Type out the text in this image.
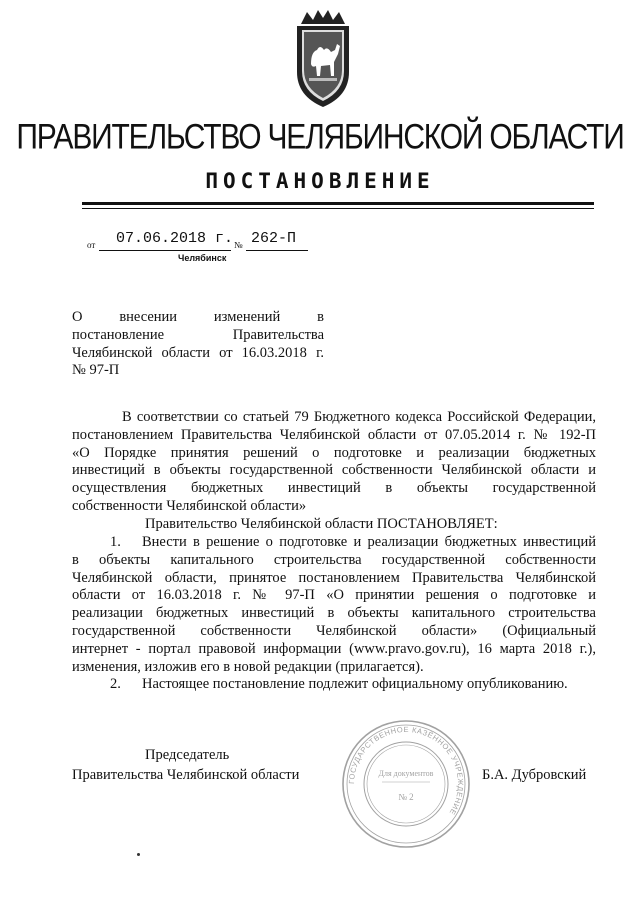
ПРАВИТЕЛЬСТВО ЧЕЛЯБИНСКОЙ ОБЛАСТИ
ПОСТАНОВЛЕНИЕ
от 07.06.2018 г. № 262-П
Челябинск
О внесении изменений в
постановление Правительства
Челябинской области от 16.03.2018 г.
№ 97-П
В соответствии со статьей 79 Бюджетного кодекса Российской Федерации,
постановлением Правительства Челябинской области от 07.05.2014 г. № 192-П
«О Порядке принятия решений о подготовке и реализации бюджетных
инвестиций в объекты государственной собственности Челябинской области и
осуществления бюджетных инвестиций в объекты государственной
собственности Челябинской области»
Правительство Челябинской области ПОСТАНОВЛЯЕТ:
1. Внести в решение о подготовке и реализации бюджетных инвестиций
в объекты капитального строительства государственной собственности
Челябинской области, принятое постановлением Правительства Челябинской
области от 16.03.2018 г. № 97-П «О принятии решения о подготовке и
реализации бюджетных инвестиций в объекты капитального строительства
государственной собственности Челябинской области» (Официальный
интернет - портал правовой информации (www.pravo.gov.ru), 16 марта 2018 г.),
изменения, изложив его в новой редакции (прилагается).
2. Настоящее постановление подлежит официальному опубликованию.
Председатель
Правительства Челябинской области	Б.А. Дубровский
ГОСУДАРСТВЕННОЕ КАЗЁННОЕ УЧРЕЖДЕНИЕ
Для документов
№ 2
